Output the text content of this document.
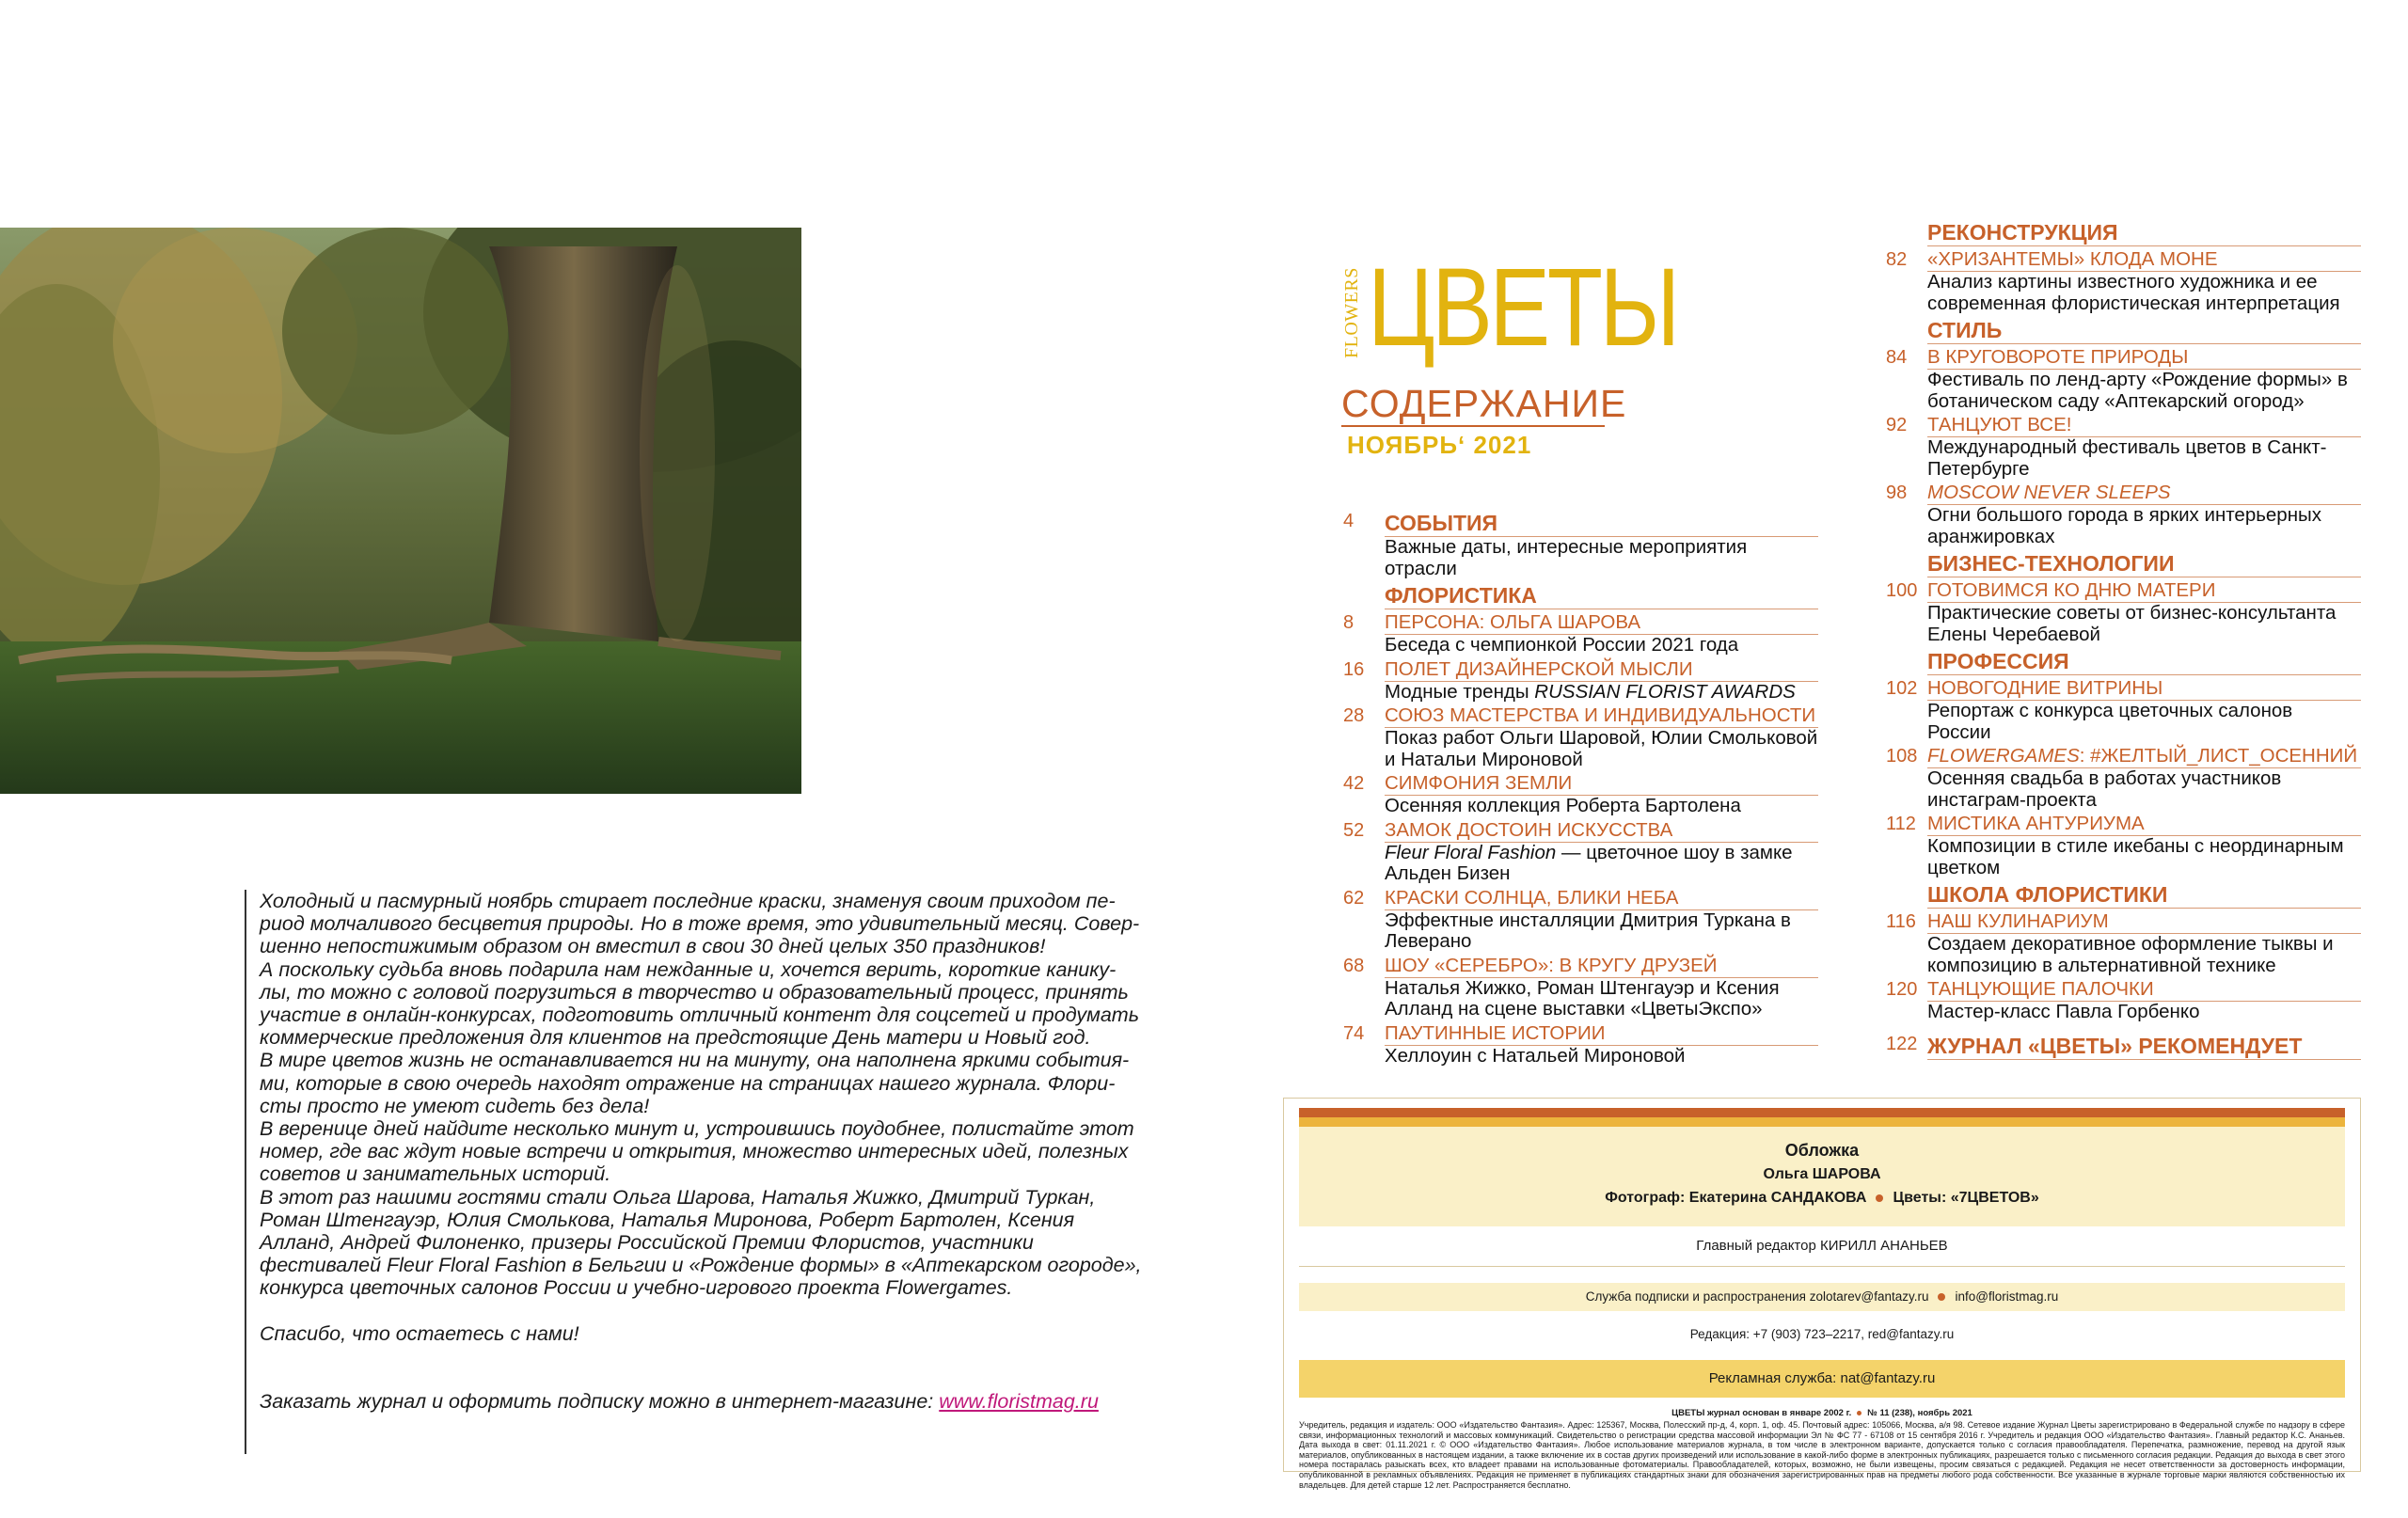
Холодный и пасмурный ноябрь стирает последние краски, знаменуя своим приходом пе-риод молчаливого бесцветия природы. Но в тоже время, это удивительный месяц. Совер-шенно непостижимым образом он вместил в свои 30 дней целых 350 праздников!

А поскольку судьба вновь подарила нам нежданные и, хочется верить, короткие канику-лы, то можно с головой погрузиться в творчество и образовательный процесс, принять участие в онлайн-конкурсах, подготовить отличный контент для соцсетей и продумать коммерческие предложения для клиентов на предстоящие День матери и Новый год.

В мире цветов жизнь не останавливается ни на минуту, она наполнена яркими события-ми, которые в свою очередь находят отражение на страницах нашего журнала. Флори-сты просто не умеют сидеть без дела!

В веренице дней найдите несколько минут и, устроившись поудобнее, полистайте этот номер, где вас ждут новые встречи и открытия, множество интересных идей, полезных советов и занимательных историй.

В этот раз нашими гостями стали Ольга Шарова, Наталья Жижко, Дмитрий Туркан, Роман Штенгауэр, Юлия Смолькова, Наталья Миронова, Роберт Бартолен, Ксения Алланд, Андрей Филоненко, призеры Российской Премии Флористов, участники фестивалей Fleur Floral Fashion в Бельгии и «Рождение формы» в «Аптекарском огороде», конкурса цветочных салонов России и учебно-игрового проекта Flowergames.

Спасибо, что остаетесь с нами!

Заказать журнал и оформить подписку можно в интернет-магазине: www.floristmag.ru

FLOWERS ЦВЕТЫ
СОДЕРЖАНИЕ
НОЯБРЬ‘ 2021
4 СОБЫТИЯ
Важные даты, интересные мероприятия отрасли
ФЛОРИСТИКА
8 ПЕРСОНА: ОЛЬГА ШАРОВА
Беседа с чемпионкой России 2021 года
16 ПОЛЕТ ДИЗАЙНЕРСКОЙ МЫСЛИ
Модные тренды RUSSIAN FLORIST AWARDS
28 СОЮЗ МАСТЕРСТВА И ИНДИВИДУАЛЬНОСТИ
Показ работ Ольги Шаровой, Юлии Смольковой и Натальи Мироновой
42 СИМФОНИЯ ЗЕМЛИ
Осенняя коллекция Роберта Бартолена
52 ЗАМОК ДОСТОИН ИСКУССТВА
Fleur Floral Fashion — цветочное шоу в замке Альден Бизен
62 КРАСКИ СОЛНЦА, БЛИКИ НЕБА
Эффектные инсталляции Дмитрия Туркана в Леверано
68 ШОУ «СЕРЕБРО»: В КРУГУ ДРУЗЕЙ
Наталья Жижко, Роман Штенгауэр и Ксения Алланд на сцене выставки «ЦветыЭкспо»
74 ПАУТИННЫЕ ИСТОРИИ
Хеллоуин с Натальей Мироновой
РЕКОНСТРУКЦИЯ
82 «ХРИЗАНТЕМЫ» КЛОДА МОНЕ
Анализ картины известного художника и ее современная флористическая интерпретация
СТИЛЬ
84 В КРУГОВОРОТЕ ПРИРОДЫ
Фестиваль по ленд-арту «Рождение формы» в ботаническом саду «Аптекарский огород»
92 ТАНЦУЮТ ВСЕ!
Международный фестиваль цветов в Санкт-Петербурге
98 MOSCOW NEVER SLEEPS
Огни большого города в ярких интерьерных аранжировках
БИЗНЕС-ТЕХНОЛОГИИ
100 ГОТОВИМСЯ КО ДНЮ МАТЕРИ
Практические советы от бизнес-консультанта Елены Черебаевой
ПРОФЕССИЯ
102 НОВОГОДНИЕ ВИТРИНЫ
Репортаж с конкурса цветочных салонов России
108 FLOWERGAMES: #ЖЕЛТЫЙ_ЛИСТ_ОСЕННИЙ
Осенняя свадьба в работах участников инстаграм-проекта
112 МИСТИКА АНТУРИУМА
Композиции в стиле икебаны с неординарным цветком
ШКОЛА ФЛОРИСТИКИ
116 НАШ КУЛИНАРИУМ
Создаем декоративное оформление тыквы и композицию в альтернативной технике
120 ТАНЦУЮЩИЕ ПАЛОЧКИ
Мастер-класс Павла Горбенко
122 ЖУРНАЛ «ЦВЕТЫ» РЕКОМЕНДУЕТ
Обложка
Ольга ШАРОВА
Фотограф: Екатерина САНДАКОВА Цветы: «7ЦВЕТОВ»
Главный редактор КИРИЛЛ АНАНЬЕВ
Служба подписки и распространения zolotarev@fantazy.ru info@floristmag.ru
Редакция: +7 (903) 723–2217, red@fantazy.ru
Рекламная служба: nat@fantazy.ru
ЦВЕТЫ журнал основан в январе 2002 г. № 11 (238), ноябрь 2021
Учредитель, редакция и издатель: ООО «Издательство Фантазия». Адрес: 125367, Москва, Полесский пр-д, 4, корп. 1, оф. 45. Почтовый адрес: 105066, Москва, а/я 98. Сетевое издание Журнал Цветы зарегистрировано в Федеральной службе по надзору в сфере связи, информационных технологий и массовых коммуникаций. Свидетельство о регистрации средства массовой информации Эл № ФС 77 - 67108 от 15 сентября 2016 г. Учредитель и редакция ООО «Издательство Фантазия». Главный редактор К.С. Ананьев. Дата выхода в свет: 01.11.2021 г. © ООО «Издательство Фантазия». Любое использование материалов журнала, в том числе в электронном варианте, допускается только с согласия правообладателя. Перепечатка, размножение, перевод на другой язык материалов, опубликованных в настоящем издании, а также включение их в состав других произведений или использование в какой-либо форме в электронных публикациях, разрешается только с письменного согласия редакции. Редакция до выхода в свет этого номера постаралась разыскать всех, кто владеет правами на использованные фотоматериалы. Правообладателей, которых, возможно, не были извещены, просим связаться с редакцией. Редакция не несет ответственности за достоверность информации, опубликованной в рекламных объявлениях. Редакция не применяет в публикациях стандартных знаки для обозначения зарегистрированных прав на предметы любого рода собственности. Все указанные в журнале торговые марки являются собственностью их владельцев. Для детей старше 12 лет. Распространяется бесплатно.
